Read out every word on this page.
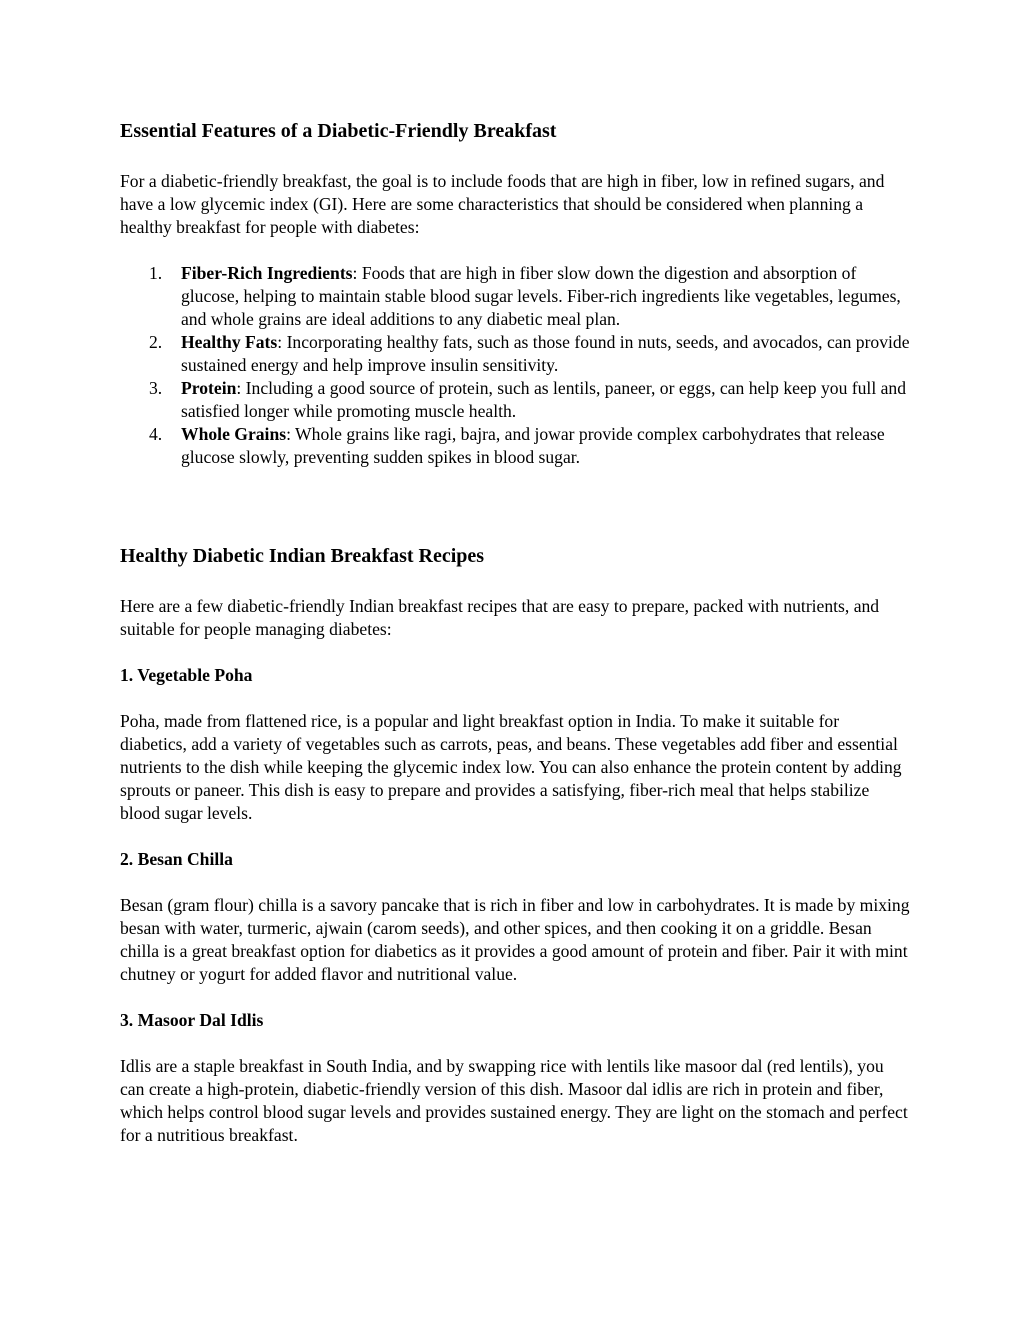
Essential Features of a Diabetic-Friendly Breakfast

For a diabetic-friendly breakfast, the goal is to include foods that are high in fiber, low in refined sugars, and have a low glycemic index (GI). Here are some characteristics that should be considered when planning a healthy breakfast for people with diabetes:

1. Fiber-Rich Ingredients: Foods that are high in fiber slow down the digestion and absorption of glucose, helping to maintain stable blood sugar levels. Fiber-rich ingredients like vegetables, legumes, and whole grains are ideal additions to any diabetic meal plan.
2. Healthy Fats: Incorporating healthy fats, such as those found in nuts, seeds, and avocados, can provide sustained energy and help improve insulin sensitivity.
3. Protein: Including a good source of protein, such as lentils, paneer, or eggs, can help keep you full and satisfied longer while promoting muscle health.
4. Whole Grains: Whole grains like ragi, bajra, and jowar provide complex carbohydrates that release glucose slowly, preventing sudden spikes in blood sugar.
Healthy Diabetic Indian Breakfast Recipes

Here are a few diabetic-friendly Indian breakfast recipes that are easy to prepare, packed with nutrients, and suitable for people managing diabetes:

1. Vegetable Poha

Poha, made from flattened rice, is a popular and light breakfast option in India. To make it suitable for diabetics, add a variety of vegetables such as carrots, peas, and beans. These vegetables add fiber and essential nutrients to the dish while keeping the glycemic index low. You can also enhance the protein content by adding sprouts or paneer. This dish is easy to prepare and provides a satisfying, fiber-rich meal that helps stabilize blood sugar levels.

2. Besan Chilla

Besan (gram flour) chilla is a savory pancake that is rich in fiber and low in carbohydrates. It is made by mixing besan with water, turmeric, ajwain (carom seeds), and other spices, and then cooking it on a griddle. Besan chilla is a great breakfast option for diabetics as it provides a good amount of protein and fiber. Pair it with mint chutney or yogurt for added flavor and nutritional value.

3. Masoor Dal Idlis

Idlis are a staple breakfast in South India, and by swapping rice with lentils like masoor dal (red lentils), you can create a high-protein, diabetic-friendly version of this dish. Masoor dal idlis are rich in protein and fiber, which helps control blood sugar levels and provides sustained energy. They are light on the stomach and perfect for a nutritious breakfast.
